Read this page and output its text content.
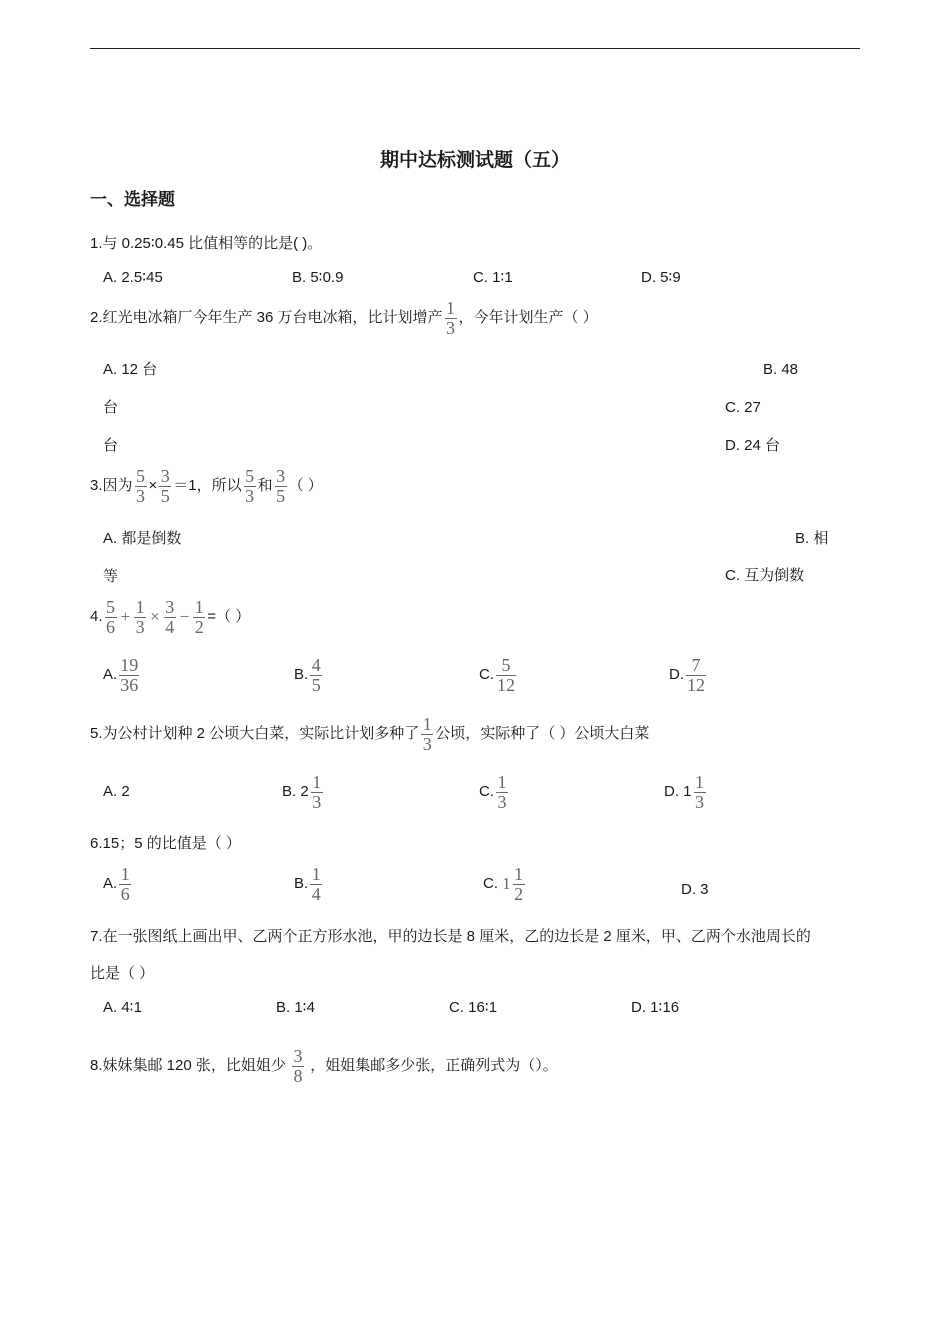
期中达标测试题（五）
一、选择题
1.与 0.25∶0.45 比值相等的比是( )。
A. 2.5∶45	B. 5∶0.9	C. 1∶1	D. 5∶9
2.红光电冰箱厂今年生产 36 万台电冰箱，比计划增产 $\frac{1}{3}$ ，今年计划生产（ ）
A. 12 台	B. 48
台	C. 27
台	D. 24 台
3.因为 $\frac{5}{3} \times \frac{3}{5} =1$，所以 $\frac{5}{3}$ 和 $\frac{3}{5}$ （ ）
A. 都是倒数	B. 相
等	C. 互为倒数
4. $\frac{5}{6} + \frac{1}{3} \times \frac{3}{4} - \frac{1}{2}$ =（ ）
A. $\frac{19}{36}$	B. $\frac{4}{5}$	C. $\frac{5}{12}$	D. $\frac{7}{12}$
5.为公村计划种 2 公顷大白菜，实际比计划多种了 $\frac{1}{3}$ 公顷，实际种了（ ）公顷大白菜
A. 2	B. $2 \frac{1}{3}$	C. $\frac{1}{3}$	D. $1 \frac{1}{3}$
6.15；5 的比值是（ ）
A. $\frac{1}{6}$	B. $\frac{1}{4}$	C. $1 \frac{1}{2}$	D. 3
7.在一张图纸上画出甲、乙两个正方形水池，甲的边长是 8 厘米，乙的边长是 2 厘米，甲、乙两个水池周长的
比是（ ）
A. 4∶1	B. 1∶4	C. 16∶1	D. 1∶16
8.妹妹集邮 120 张，比姐姐少 $\frac{3}{8}$ ，姐姐集邮多少张，正确列式为（）。
